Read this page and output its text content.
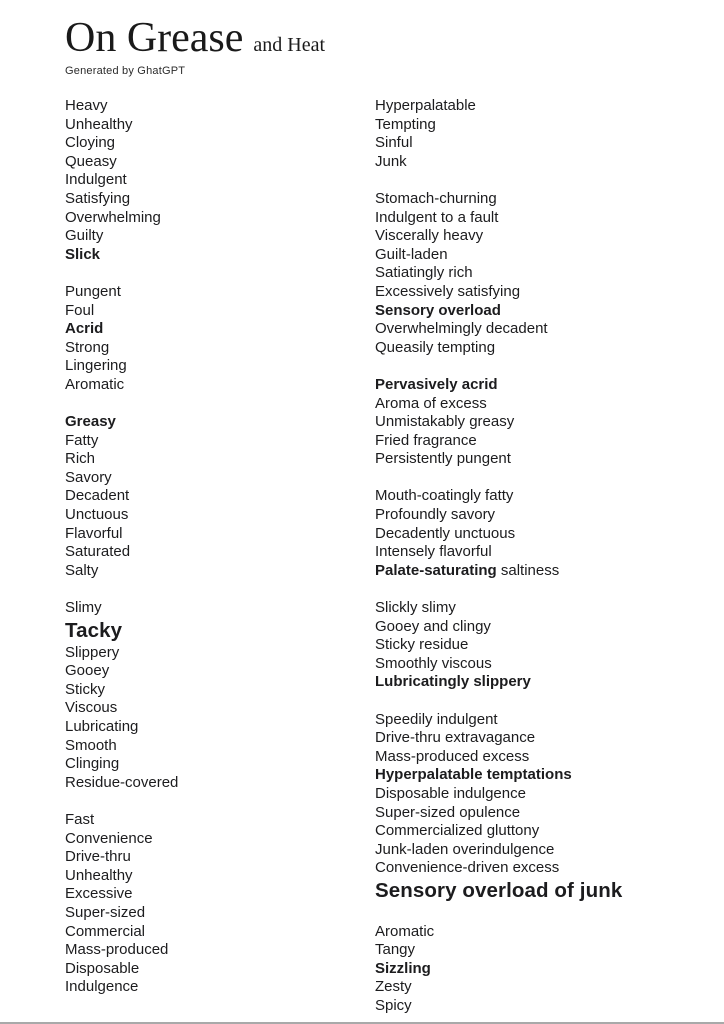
On Grease and Heat
Generated by GhatGPT
Heavy
Unhealthy
Cloying
Queasy
Indulgent
Satisfying
Overwhelming
Guilty
Slick
Pungent
Foul
Acrid
Strong
Lingering
Aromatic
Greasy
Fatty
Rich
Savory
Decadent
Unctuous
Flavorful
Saturated
Salty
Slimy
Tacky
Slippery
Gooey
Sticky
Viscous
Lubricating
Smooth
Clinging
Residue-covered
Fast
Convenience
Drive-thru
Unhealthy
Excessive
Super-sized
Commercial
Mass-produced
Disposable
Indulgence
Hyperpalatable
Tempting
Sinful
Junk
Stomach-churning
Indulgent to a fault
Viscerally heavy
Guilt-laden
Satiatingly rich
Excessively satisfying
Sensory overload
Overwhelmingly decadent
Queasily tempting
Pervasively acrid
Aroma of excess
Unmistakably greasy
Fried fragrance
Persistently pungent
Mouth-coatingly fatty
Profoundly savory
Decadently unctuous
Intensely flavorful
Palate-saturating saltiness
Slickly slimy
Gooey and clingy
Sticky residue
Smoothly viscous
Lubricatingly slippery
Speedily indulgent
Drive-thru extravagance
Mass-produced excess
Hyperpalatable temptations
Disposable indulgence
Super-sized opulence
Commercialized gluttony
Junk-laden overindulgence
Convenience-driven excess
Sensory overload of junk
Aromatic
Tangy
Sizzling
Zesty
Spicy
